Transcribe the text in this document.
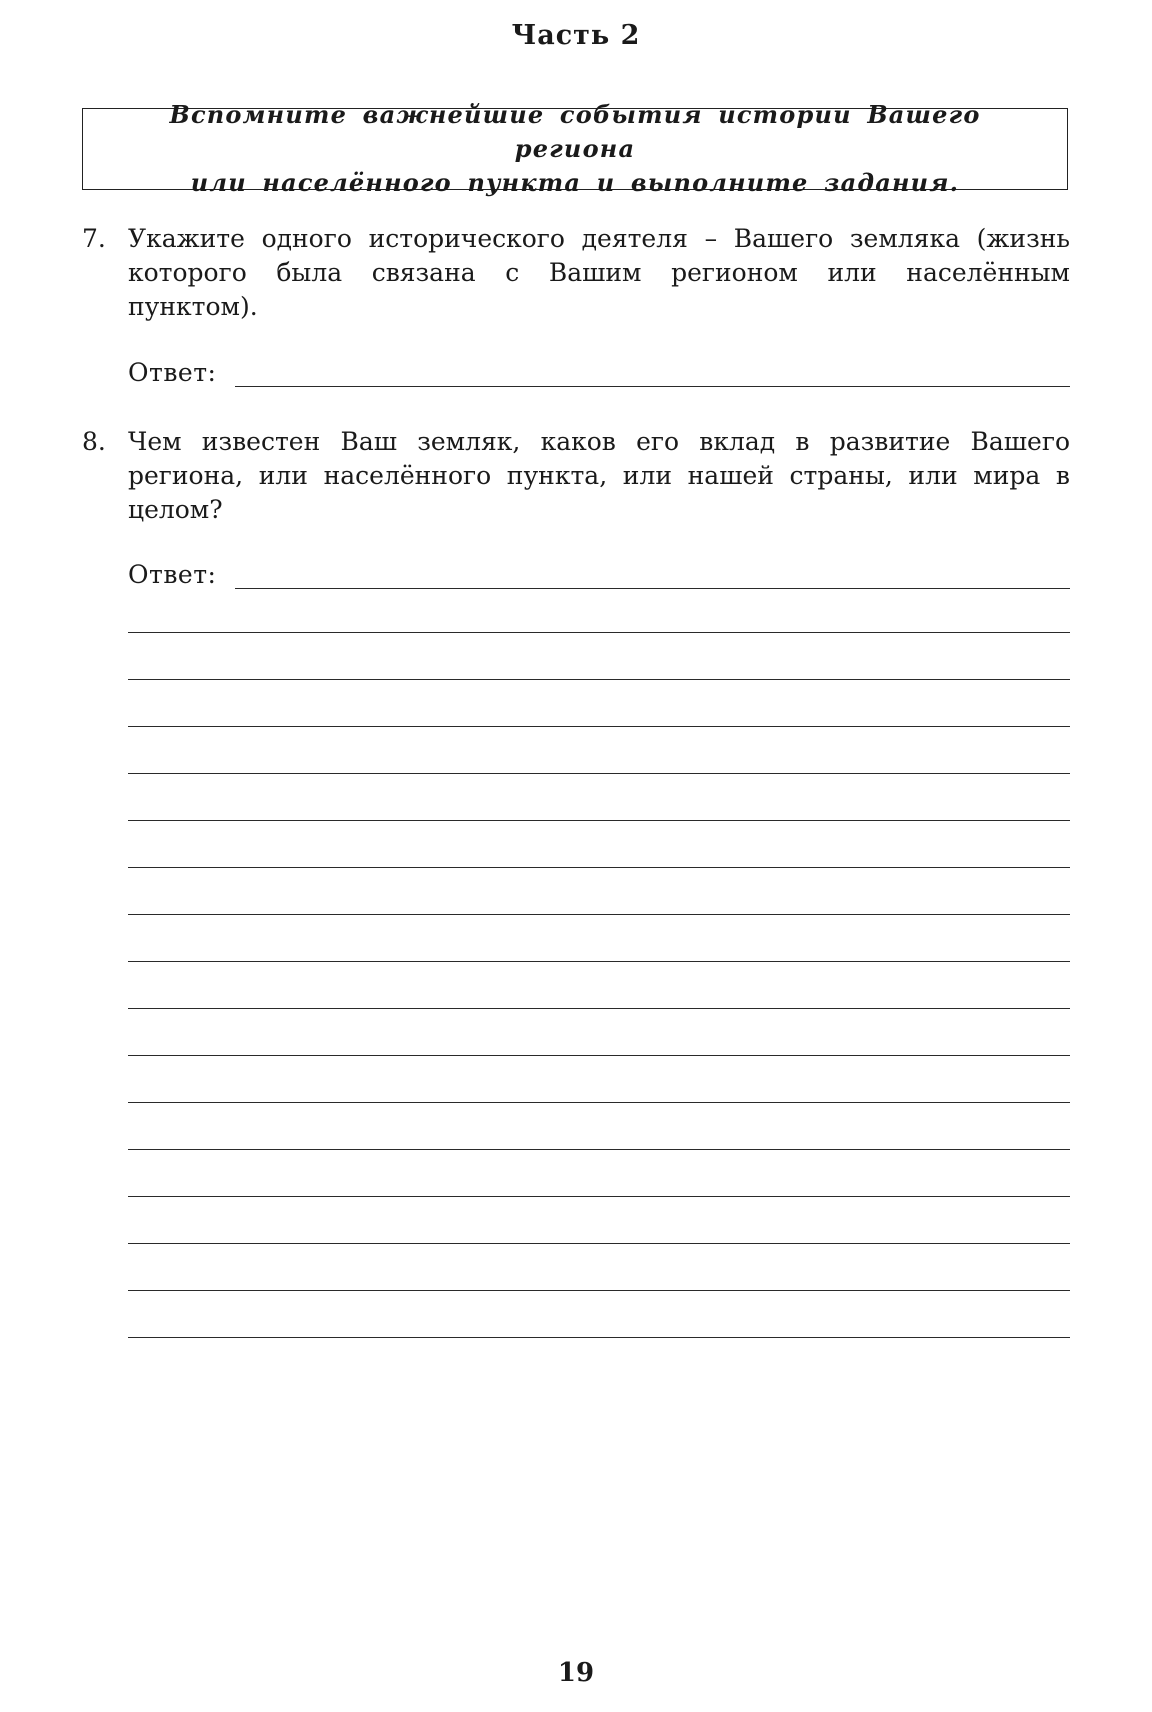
Часть 2
Вспомните важнейшие события истории Вашего региона
или населённого пункта и выполните задания.
7. Укажите одного исторического деятеля – Вашего земляка (жизнь которого была связана с Вашим регионом или населённым пунктом).
Ответ:
8. Чем известен Ваш земляк, каков его вклад в развитие Вашего региона, или населённого пункта, или нашей страны, или мира в целом?
Ответ:
19
